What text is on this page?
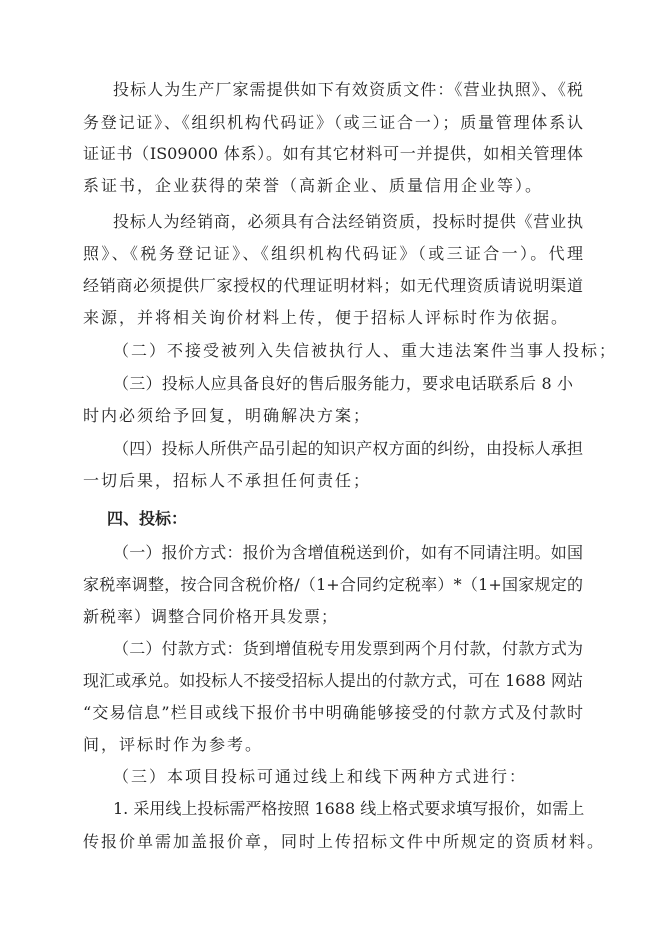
投标人为生产厂家需提供如下有效资质文件：《营业执照》、《税
务登记证》、《组织机构代码证》（或三证合一）；质量管理体系认
证证书（IS09000 体系）。如有其它材料可一并提供，如相关管理体
系证书，企业获得的荣誉（高新企业、质量信用企业等）。
投标人为经销商，必须具有合法经销资质，投标时提供《营业执
照》、《税务登记证》、《组织机构代码证》（或三证合一）。代理
经销商必须提供厂家授权的代理证明材料；如无代理资质请说明渠道
来源，并将相关询价材料上传，便于招标人评标时作为依据。
（二）不接受被列入失信被执行人、重大违法案件当事人投标；
（三）投标人应具备良好的售后服务能力，要求电话联系后 8 小
时内必须给予回复，明确解决方案；
（四）投标人所供产品引起的知识产权方面的纠纷，由投标人承担
一切后果，招标人不承担任何责任；
四、投标：
（一）报价方式：报价为含增值税送到价，如有不同请注明。如国
家税率调整，按合同含税价格/（1+合同约定税率）*（1+国家规定的
新税率）调整合同价格开具发票；
（二）付款方式：货到增值税专用发票到两个月付款，付款方式为
现汇或承兑。如投标人不接受招标人提出的付款方式，可在 1688 网站
“交易信息”栏目或线下报价书中明确能够接受的付款方式及付款时
间，评标时作为参考。
（三）本项目投标可通过线上和线下两种方式进行：
1. 采用线上投标需严格按照 1688 线上格式要求填写报价，如需上
传报价单需加盖报价章，同时上传招标文件中所规定的资质材料。
